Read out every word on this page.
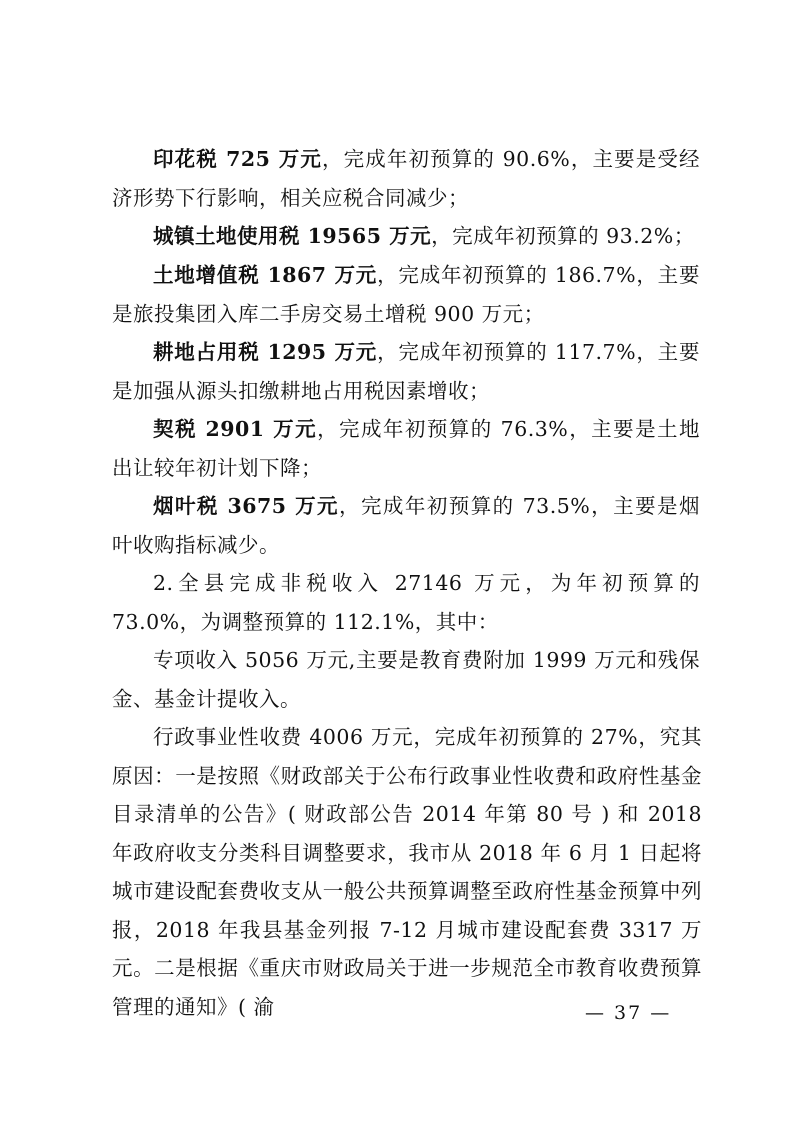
印花税 725 万元，完成年初预算的 90.6%，主要是受经济形势下行影响，相关应税合同减少；

城镇土地使用税 19565 万元，完成年初预算的 93.2%；

土地增值税 1867 万元，完成年初预算的 186.7%，主要是旅投集团入库二手房交易土增税 900 万元；

耕地占用税 1295 万元，完成年初预算的 117.7%，主要是加强从源头扣缴耕地占用税因素增收；

契税 2901 万元，完成年初预算的 76.3%，主要是土地出让较年初计划下降；

烟叶税 3675 万元，完成年初预算的 73.5%，主要是烟叶收购指标减少。

2.全县完成非税收入 27146 万元，为年初预算的 73.0%，为调整预算的 112.1%，其中：

专项收入 5056 万元,主要是教育费附加 1999 万元和残保金、基金计提收入。

行政事业性收费 4006 万元，完成年初预算的 27%，究其原因：一是按照《财政部关于公布行政事业性收费和政府性基金目录清单的公告》( 财政部公告 2014 年第 80 号 ) 和 2018 年政府收支分类科目调整要求，我市从 2018 年 6 月 1 日起将城市建设配套费收支从一般公共预算调整至政府性基金预算中列报，2018 年我县基金列报 7-12 月城市建设配套费 3317 万元。二是根据《重庆市财政局关于进一步规范全市教育收费预算管理的通知》( 渝	— 37 —
